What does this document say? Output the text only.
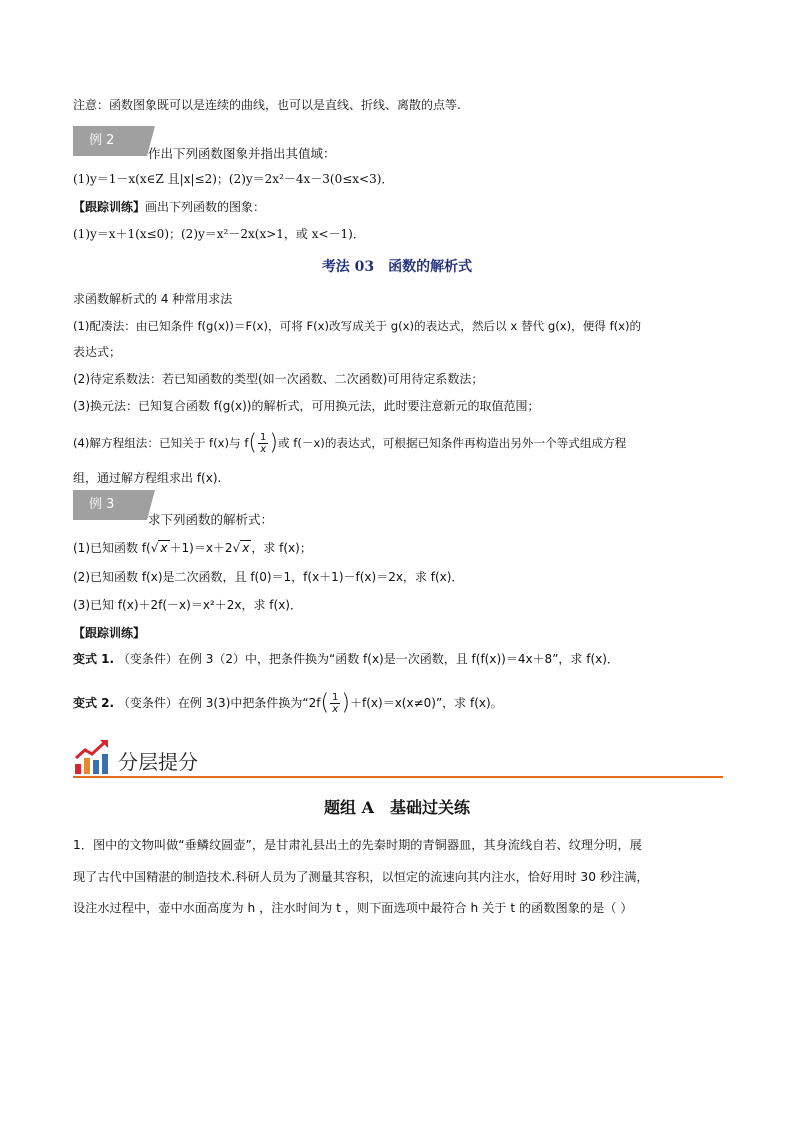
注意：函数图象既可以是连续的曲线，也可以是直线、折线、离散的点等.
例 2
作出下列函数图象并指出其值域：
(1)y＝1－x(x∈Z 且|x|≤2)；(2)y＝2x²－4x－3(0≤x<3)．
【跟踪训练】画出下列函数的图象：
(1)y＝x＋1(x≤0)；(2)y＝x²－2x(x>1，或 x<－1)．
考法 03　函数的解析式
求函数解析式的 4 种常用求法
(1)配凑法：由已知条件 f(g(x))＝F(x)，可将 F(x)改写成关于 g(x)的表达式，然后以 x 替代 g(x)，便得 f(x)的
表达式；
(2)待定系数法：若已知函数的类型(如一次函数、二次函数)可用待定系数法；
(3)换元法：已知复合函数 f(g(x))的解析式，可用换元法，此时要注意新元的取值范围；
(4)解方程组法：已知关于 f(x)与 $f( \frac{1}{x}$ )或 f(－x)的表达式，可根据已知条件再构造出另外一个等式组成方程
组，通过解方程组求出 f(x).
例 3
求下列函数的解析式：
(1)已知函数 f(√ x ＋1)＝x＋2√ x ，求 f(x)；
(2)已知函数 f(x)是二次函数，且 f(0)＝1，f(x＋1)－f(x)＝2x，求 f(x)．
(3)已知 f(x)＋2f(－x)＝x²＋2x，求 f(x)．
【跟踪训练】
变式 1. （变条件）在例 3（2）中，把条件换为“函数 f(x)是一次函数，且 f(f(x))＝4x＋8”，求 f(x)．
变式 2. （变条件）在例 3(3)中把条件换为“$2f( \frac{1}{x} )+f(x)=x(x\ne 0)$”，求 f(x)。
分层提分
题组 A　基础过关练
1．图中的文物叫做“垂鳞纹圆壶”，是甘肃礼县出土的先秦时期的青铜器皿，其身流线自若、纹理分明，展
现了古代中国精湛的制造技术.科研人员为了测量其容积，以恒定的流速向其内注水，恰好用时 30 秒注满，
设注水过程中，壶中水面高度为 h ，注水时间为 t ，则下面选项中最符合 h 关于 t 的函数图象的是（ ）
